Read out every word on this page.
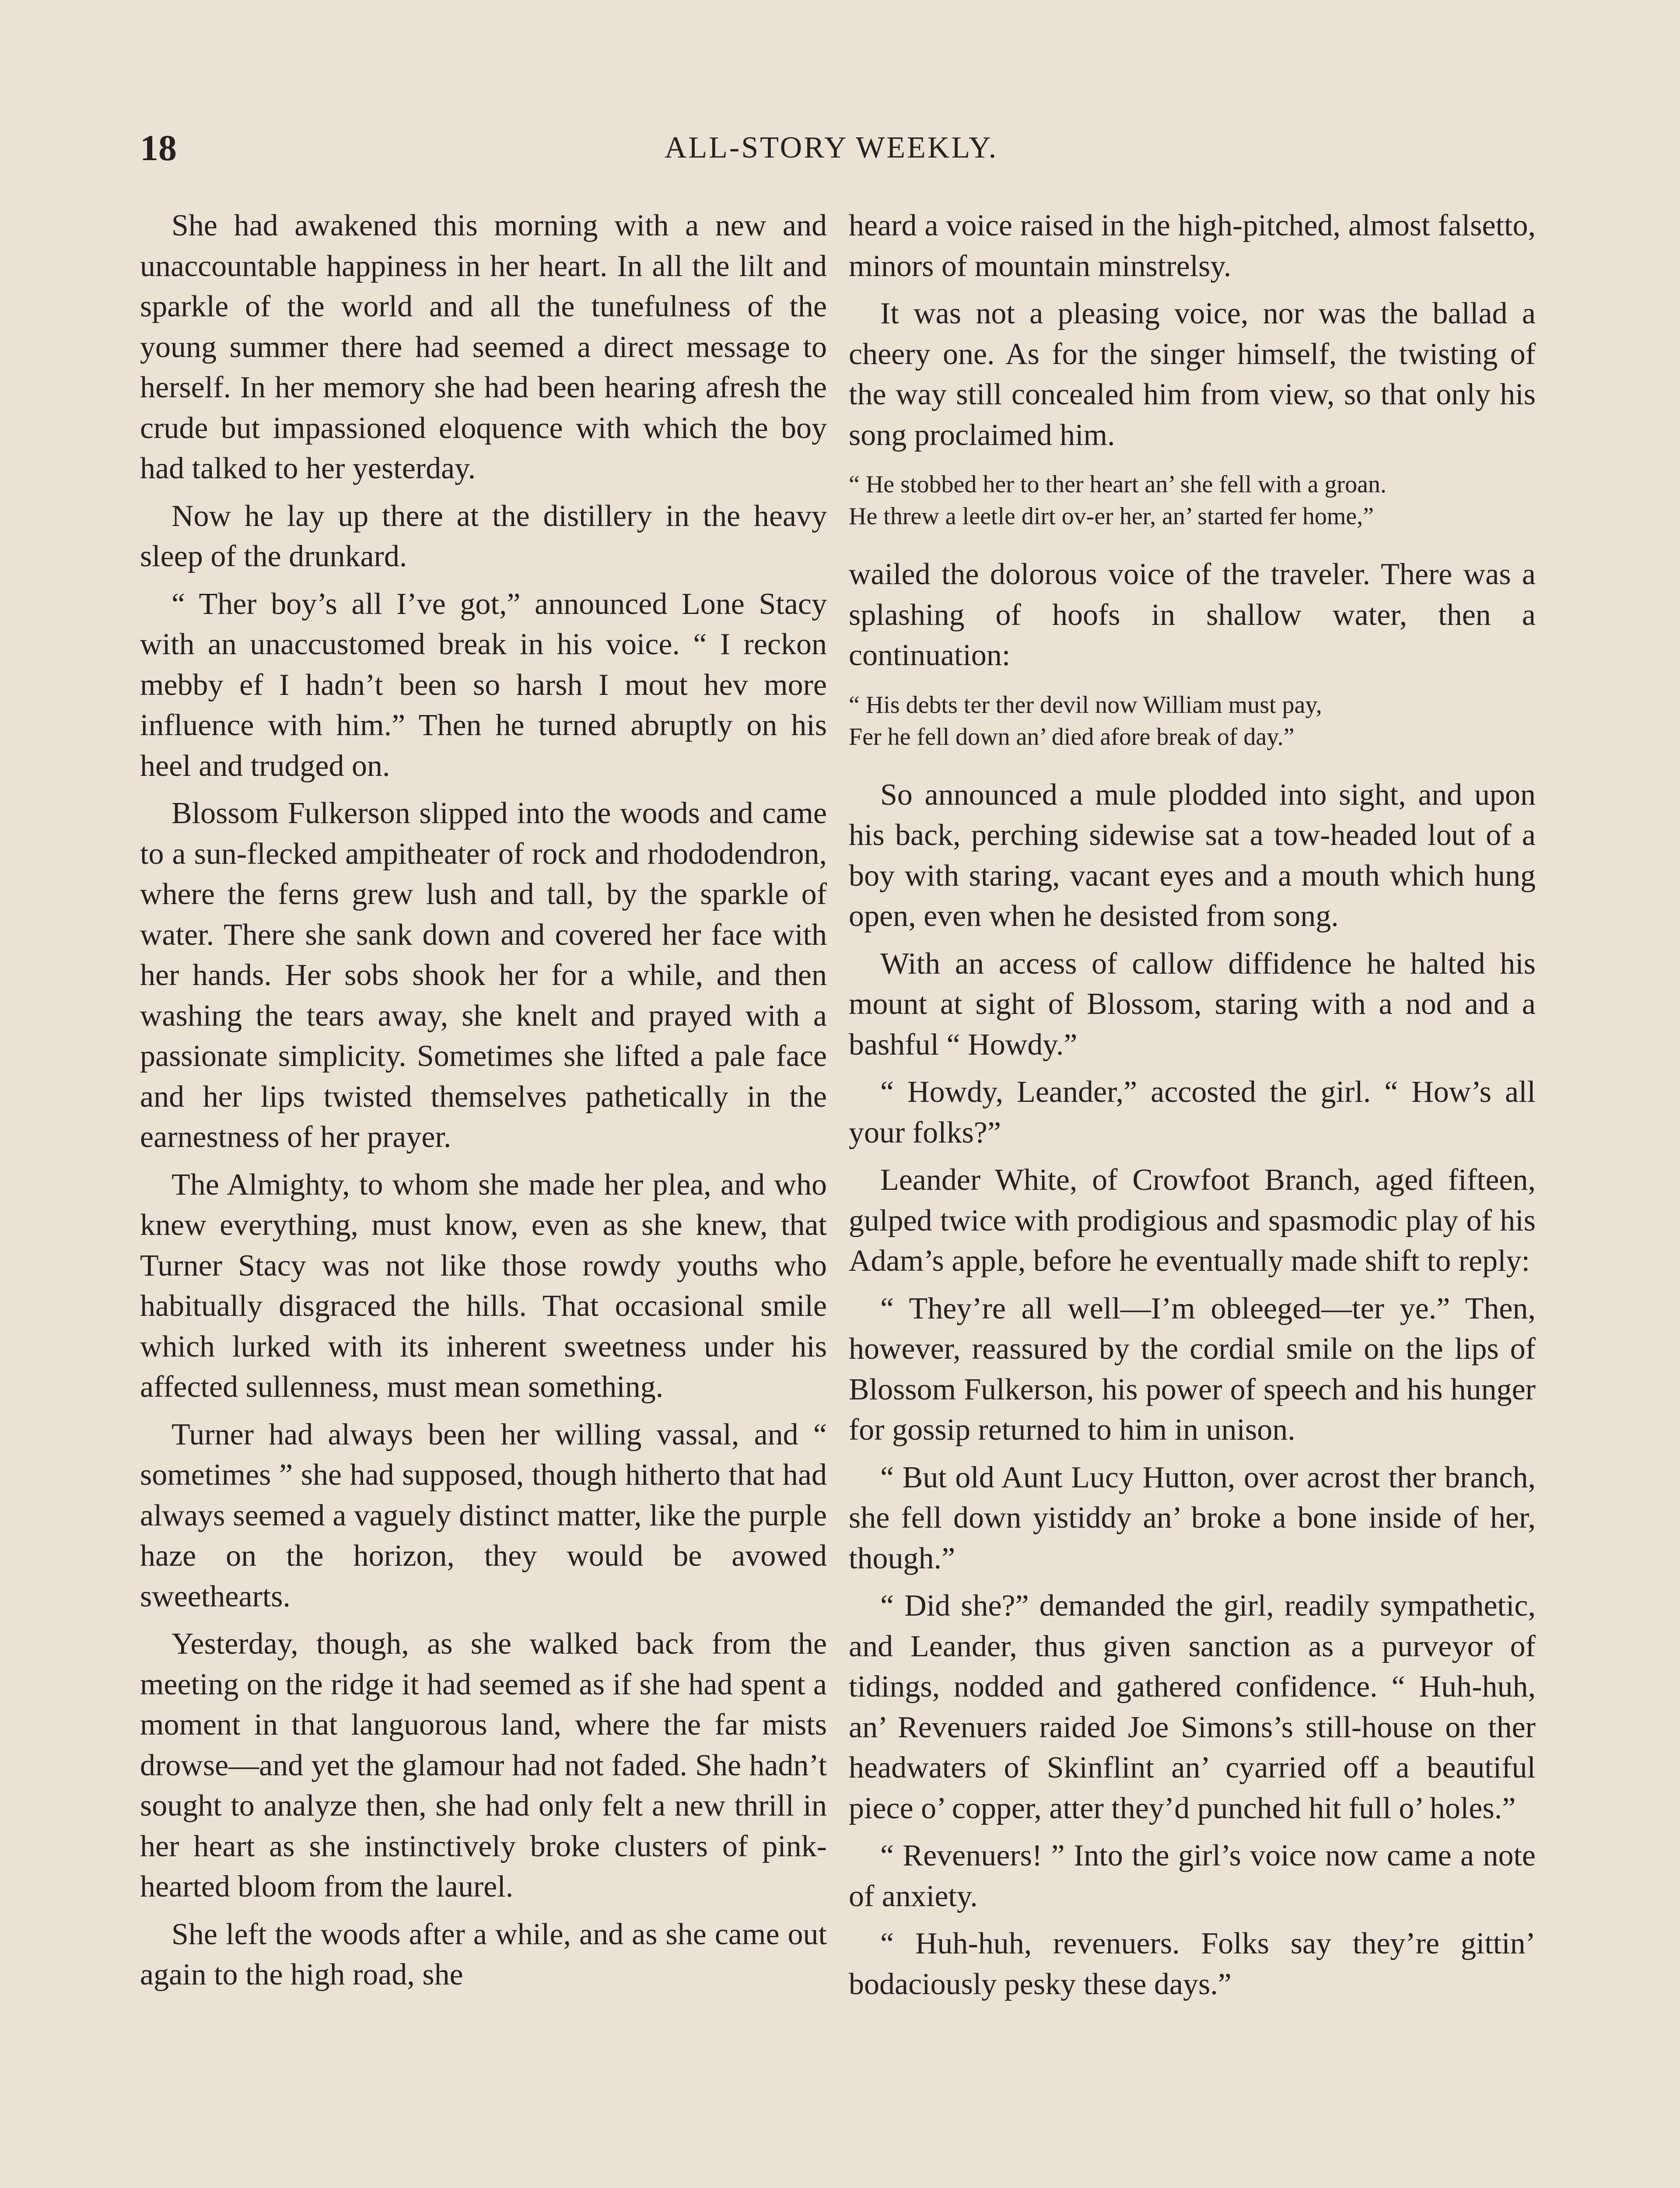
18	ALL-STORY WEEKLY.

She had awakened this morning with a new and unaccountable happiness in her heart. In all the lilt and sparkle of the world and all the tunefulness of the young summer there had seemed a direct message to herself. In her memory she had been hearing afresh the crude but impassioned eloquence with which the boy had talked to her yesterday.

Now he lay up there at the distillery in the heavy sleep of the drunkard.

“ Ther boy’s all I’ve got,” announced Lone Stacy with an unaccustomed break in his voice. “ I reckon mebby ef I hadn’t been so harsh I mout hev more influence with him.” Then he turned abruptly on his heel and trudged on.

Blossom Fulkerson slipped into the woods and came to a sun-flecked ampitheater of rock and rhododendron, where the ferns grew lush and tall, by the sparkle of water. There she sank down and covered her face with her hands. Her sobs shook her for a while, and then washing the tears away, she knelt and prayed with a passionate simplicity. Sometimes she lifted a pale face and her lips twisted themselves pathetically in the earnestness of her prayer.

The Almighty, to whom she made her plea, and who knew everything, must know, even as she knew, that Turner Stacy was not like those rowdy youths who habitually disgraced the hills. That occasional smile which lurked with its inherent sweetness under his affected sullenness, must mean something.

Turner had always been her willing vassal, and “ sometimes ” she had supposed, though hitherto that had always seemed a vaguely distinct matter, like the purple haze on the horizon, they would be avowed sweethearts.

Yesterday, though, as she walked back from the meeting on the ridge it had seemed as if she had spent a moment in that languorous land, where the far mists drowse—and yet the glamour had not faded. She hadn’t sought to analyze then, she had only felt a new thrill in her heart as she instinctively broke clusters of pink-hearted bloom from the laurel.

She left the woods after a while, and as she came out again to the high road, she

heard a voice raised in the high-pitched, almost falsetto, minors of mountain minstrelsy.

It was not a pleasing voice, nor was the ballad a cheery one. As for the singer himself, the twisting of the way still concealed him from view, so that only his song proclaimed him.

“ He stobbed her to ther heart an’ she fell with a groan.
He threw a leetle dirt ov-er her, an’ started fer home,”

wailed the dolorous voice of the traveler. There was a splashing of hoofs in shallow water, then a continuation:

“ His debts ter ther devil now William must pay,
Fer he fell down an’ died afore break of day.”

So announced a mule plodded into sight, and upon his back, perching sidewise sat a tow-headed lout of a boy with staring, vacant eyes and a mouth which hung open, even when he desisted from song.

With an access of callow diffidence he halted his mount at sight of Blossom, staring with a nod and a bashful “ Howdy.”

“ Howdy, Leander,” accosted the girl. “ How’s all your folks?”

Leander White, of Crowfoot Branch, aged fifteen, gulped twice with prodigious and spasmodic play of his Adam’s apple, before he eventually made shift to reply:

“ They’re all well—I’m obleeged—ter ye.” Then, however, reassured by the cordial smile on the lips of Blossom Fulkerson, his power of speech and his hunger for gossip returned to him in unison.

“ But old Aunt Lucy Hutton, over acrost ther branch, she fell down yistiddy an’ broke a bone inside of her, though.”

“ Did she?” demanded the girl, readily sympathetic, and Leander, thus given sanction as a purveyor of tidings, nodded and gathered confidence. “ Huh-huh, an’ Revenuers raided Joe Simons’s still-house on ther headwaters of Skinflint an’ cyarried off a beautiful piece o’ copper, atter they’d punched hit full o’ holes.”

“ Revenuers! ” Into the girl’s voice now came a note of anxiety.

“ Huh-huh, revenuers. Folks say they’re gittin’ bodaciously pesky these days.”
